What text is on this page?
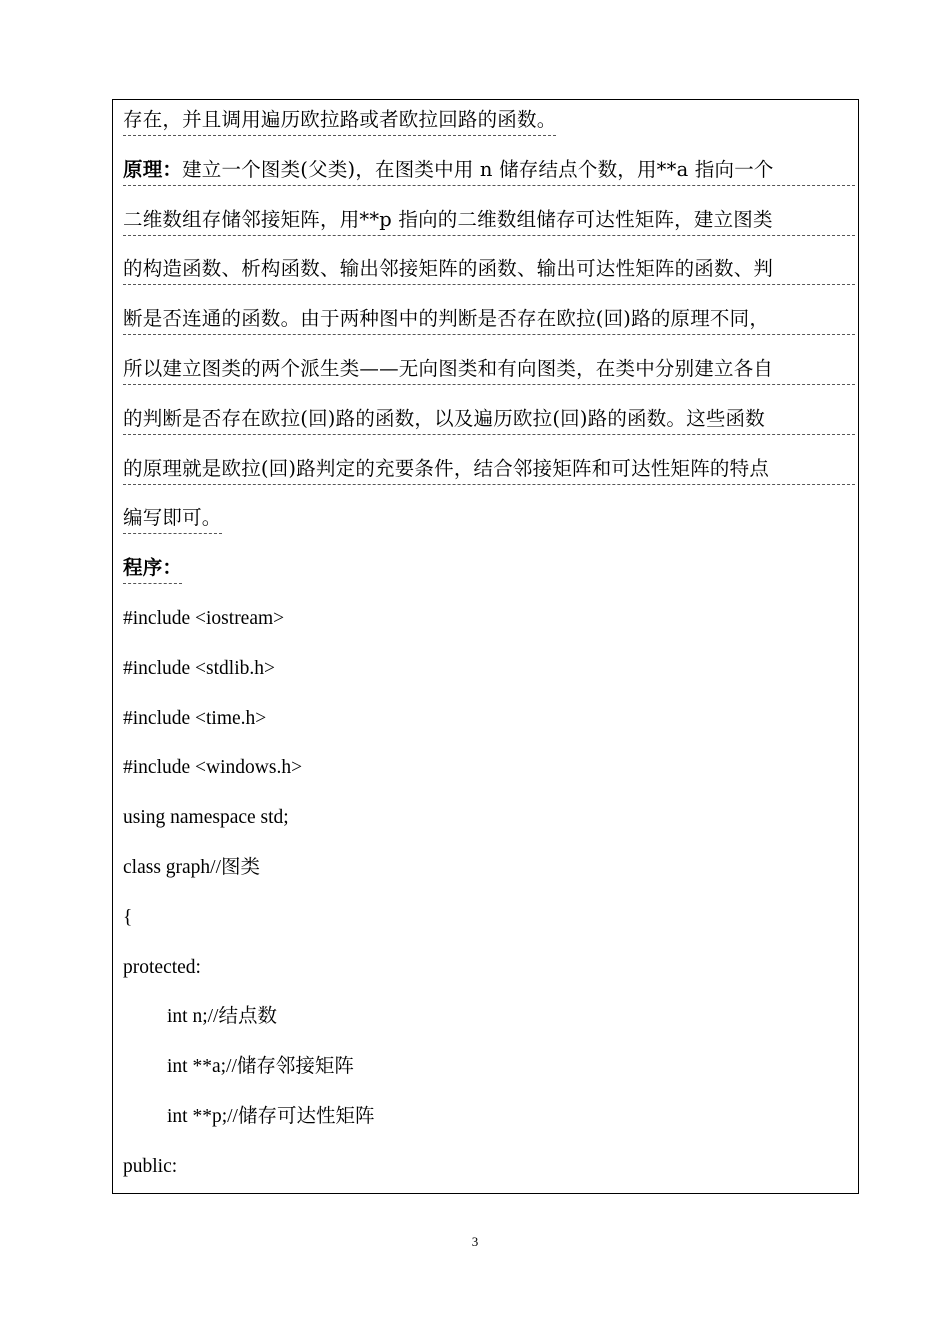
存在，并且调用遍历欧拉路或者欧拉回路的函数。
原理：建立一个图类(父类)，在图类中用 n 储存结点个数，用**a 指向一个
二维数组存储邻接矩阵，用**p 指向的二维数组储存可达性矩阵，建立图类
的构造函数、析构函数、输出邻接矩阵的函数、输出可达性矩阵的函数、判
断是否连通的函数。由于两种图中的判断是否存在欧拉(回)路的原理不同，
所以建立图类的两个派生类——无向图类和有向图类，在类中分别建立各自
的判断是否存在欧拉(回)路的函数，以及遍历欧拉(回)路的函数。这些函数
的原理就是欧拉(回)路判定的充要条件，结合邻接矩阵和可达性矩阵的特点
编写即可。
程序：
#include <iostream>
#include <stdlib.h>
#include <time.h>
#include <windows.h>
using namespace std;
class graph//图类
{
protected:
int n;//结点数
int **a;//储存邻接矩阵
int **p;//储存可达性矩阵
public:
3
